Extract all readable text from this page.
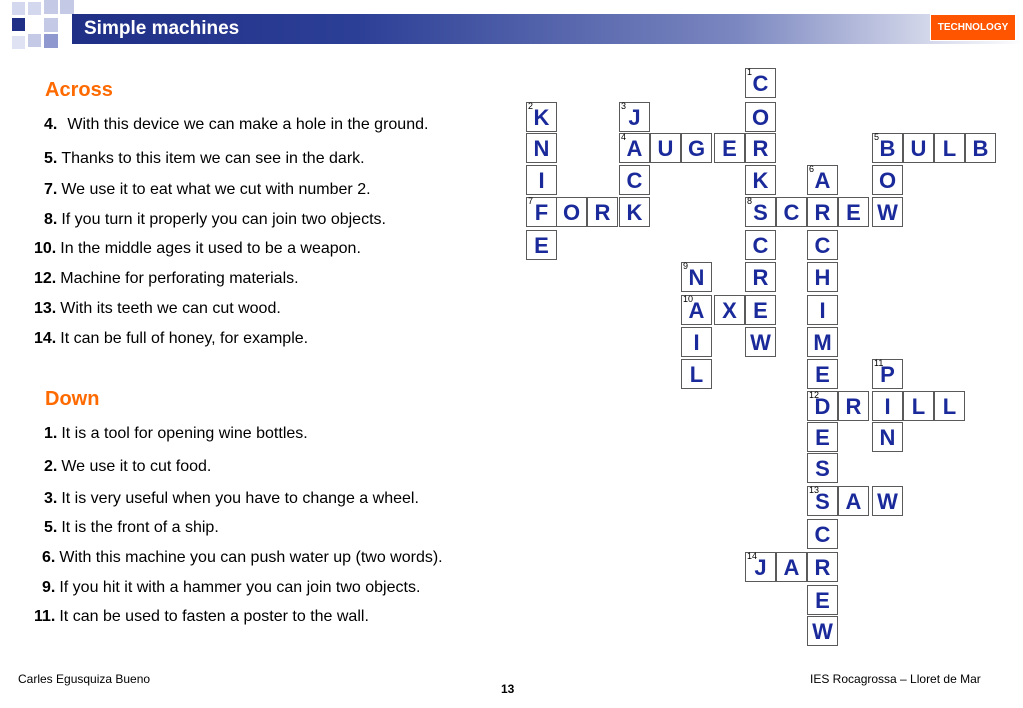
Simple machines	TECHNOLOGY
Across
4. With this device we can make a hole in the ground.
5. Thanks to this item we can see in the dark.
7. We use it to eat what we cut with number 2.
8. If you turn it properly you can join two objects.
10. In the middle ages it used to be a weapon.
12. Machine for perforating materials.
13. With its teeth we can cut wood.
14. It can be full of honey, for example.
Down
1. It is a tool for opening wine bottles.
2. We use it to cut food.
3. It is very useful when you have to change a wheel.
5. It is the front of a ship.
6. With this machine you can push water up (two words).
9. If you hit it with a hammer you can join two objects.
11. It can be used to fasten a poster to the wall.
1 C
O
R
K
8 S
C
R
E
W
2 K
N
I
7 F
E
3 J
4 A
C
K
U G E	5 B U L B
O
W
6 A
R
C
H
I
M
E
12
D
E
S
13
S
C
R
E
W
O R	C	E
9 N
10
A
I
L
X
11
P
I
N
R	L L
A W
14
J A
Carles Egusquiza Bueno
13
IES Rocagrossa – Lloret de Mar
